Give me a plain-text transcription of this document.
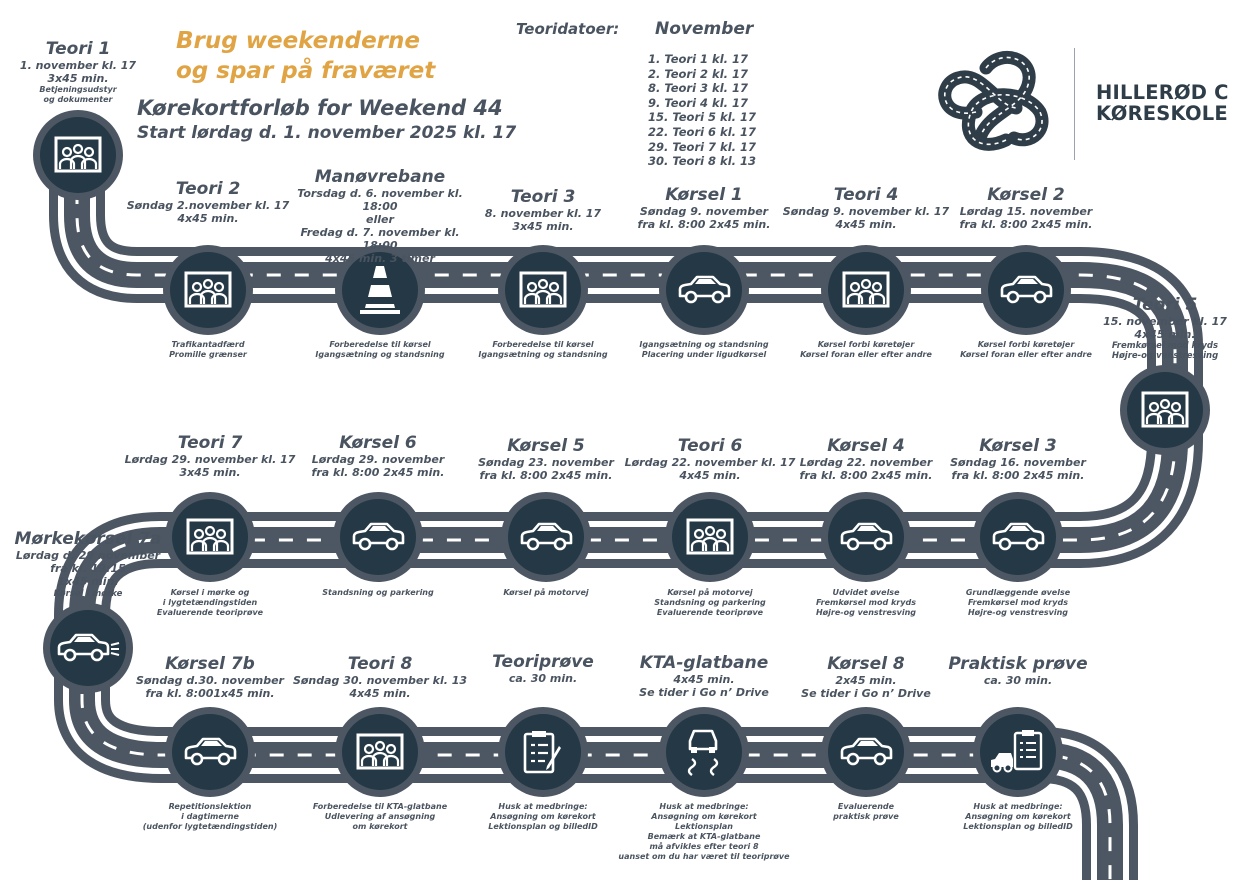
Brug weekenderne
og spar på fraværet
Kørekortforløb for Weekend 44
Start lørdag d. 1. november 2025 kl. 17
Teoridatoer: November
1. Teori 1 kl. 17
2. Teori 2 kl. 17
8. Teori 3 kl. 17
9. Teori 4 kl. 17
15. Teori 5 kl. 17
22. Teori 6 kl. 17
29. Teori 7 kl. 17
30. Teori 8 kl. 13
HILLERØD C
KØRESKOLE
Teori 1
1. november kl. 17
3x45 min.
Betjeningsudstyr
og dokumenter
Teori 2
Søndag 2.november kl. 17
4x45 min.
Trafikantadfærd
Promille grænser
Manøvrebane
Torsdag d. 6. november kl. 18:00
eller
Fredag d. 7. november kl. 18:00
4x45 min. 3 timer
Forberedelse til kørsel
Igangsætning og standsning
Teori 3
8. november kl. 17
3x45 min.
Forberedelse til kørsel
Igangsætning og standsning
Kørsel 1
Søndag 9. november
fra kl. 8:00 2x45 min.
Igangsætning og standsning
Placering under ligudkørsel
Teori 4
Søndag 9. november kl. 17
4x45 min.
Kørsel forbi køretøjer
Kørsel foran eller efter andre
Kørsel 2
Lørdag 15. november
fra kl. 8:00 2x45 min.
Kørsel forbi køretøjer
Kørsel foran eller efter andre
Teori 5
15. november kl. 17
4x45 min.
Fremkørsel mod kryds
Højre-og venstresving
Kørsel 3
Søndag 16. november
fra kl. 8:00 2x45 min.
Grundlæggende øvelse
Fremkørsel mod kryds
Højre-og venstresving
Kørsel 4
Lørdag 22. november
fra kl. 8:00 2x45 min.
Udvidet øvelse
Fremkørsel mod kryds
Højre-og venstresving
Teori 6
Lørdag 22. november kl. 17
4x45 min.
Kørsel på motorvej
Standsning og parkering
Evaluerende teoriprøve
Kørsel 5
Søndag 23. november
fra kl. 8:00 2x45 min.
Kørsel på motorvej
Kørsel 6
Lørdag 29. november
fra kl. 8:00 2x45 min.
Standsning og parkering
Teori 7
Lørdag 29. november kl. 17
3x45 min.
Kørsel i mørke og
i lygtetændingstiden
Evaluerende teoriprøve
Mørkekørsel 7a
Lørdag d. 29 november
fra kl. 19:15
1x45 min.
Kørsel i mørke
Kørsel 7b
Søndag d.30. november
fra kl. 8:001x45 min.
Repetitionslektion
i dagtimerne
(udenfor lygtetændingstiden)
Teori 8
Søndag 30. november kl. 13
4x45 min.
Forberedelse til KTA-glatbane
Udlevering af ansøgning
om kørekort
Teoriprøve
ca. 30 min.
Husk at medbringe:
Ansøgning om kørekort
Lektionsplan og billedID
KTA-glatbane
4x45 min.
Se tider i Go n’ Drive
Husk at medbringe:
Ansøgning om kørekort
Lektionsplan
Bemærk at KTA-glatbane
må afvikles efter teori 8
uanset om du har været til teoriprøve
Kørsel 8
2x45 min.
Se tider i Go n’ Drive
Evaluerende
praktisk prøve
Praktisk prøve
ca. 30 min.
Husk at medbringe:
Ansøgning om kørekort
Lektionsplan og billedID
